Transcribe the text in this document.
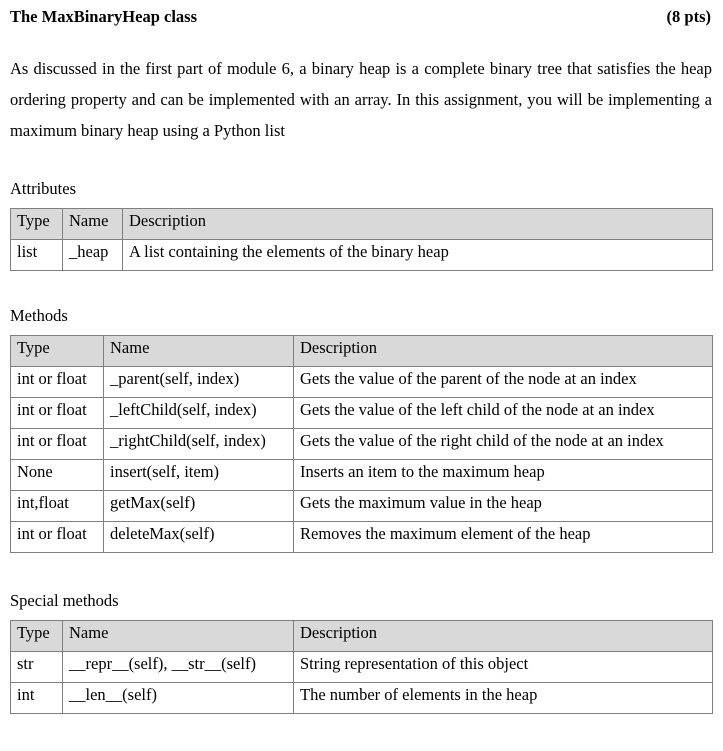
The MaxBinaryHeap class	(8 pts)

As discussed in the first part of module 6, a binary heap is a complete binary tree that satisfies the heap ordering property and can be implemented with an array. In this assignment, you will be implementing a maximum binary heap using a Python list

Attributes
Type	Name	Description
list	_heap	A list containing the elements of the binary heap
Methods
Type	Name	Description
int or float	_parent(self, index)	Gets the value of the parent of the node at an index
int or float	_leftChild(self, index)	Gets the value of the left child of the node at an index
int or float	_rightChild(self, index)	Gets the value of the right child of the node at an index
None	insert(self, item)	Inserts an item to the maximum heap
int,float	getMax(self)	Gets the maximum value in the heap
int or float	deleteMax(self)	Removes the maximum element of the heap
Special methods
Type	Name	Description
str	__repr__(self), __str__(self)	String representation of this object
int	__len__(self)	The number of elements in the heap
